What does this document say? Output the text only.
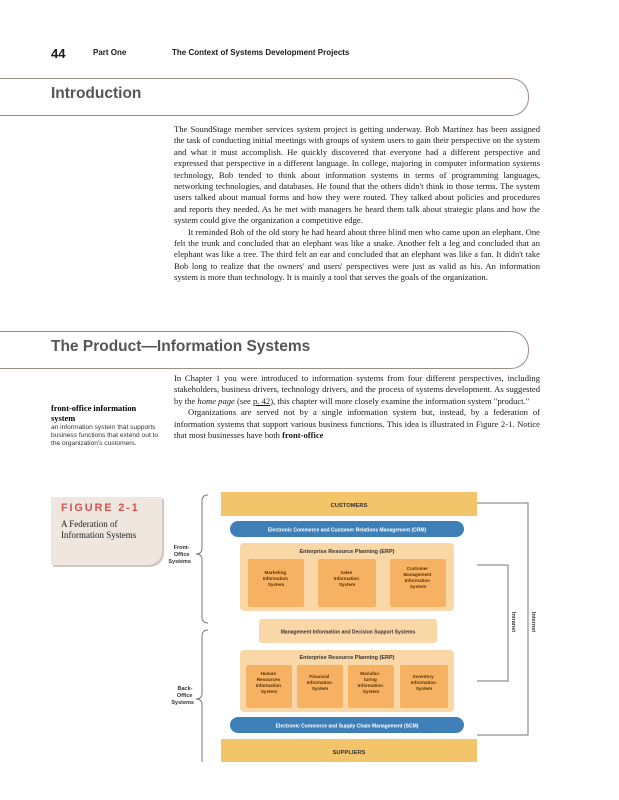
44	Part One	The Context of Systems Development Projects
Introduction

The SoundStage member services system project is getting underway. Bob Martinez has been assigned the task of conducting initial meetings with groups of system users to gain their perspective on the system and what it must accomplish. He quickly discovered that everyone had a different perspective and expressed that perspective in a different language. In college, majoring in computer information systems technology, Bob tended to think about information systems in terms of programming languages, networking technologies, and databases. He found that the others didn't think in those terms. The system users talked about manual forms and how they were routed. They talked about policies and procedures and reports they needed. As he met with managers he heard them talk about strategic plans and how the system could give the organization a competitive edge.

It reminded Bob of the old story he had heard about three blind men who came upon an elephant. One felt the trunk and concluded that an elephant was like a snake. Another felt a leg and concluded that an elephant was like a tree. The third felt an ear and concluded that an elephant was like a fan. It didn't take Bob long to realize that the owners' and users' perspectives were just as valid as his. An information system is more than technology. It is mainly a tool that serves the goals of the organization.

The Product—Information Systems

In Chapter 1 you were introduced to information systems from four different perspectives, including stakeholders, business drivers, technology drivers, and the process of systems development. As suggested by the home page (see p. 42), this chapter will more closely examine the information system "product."

Organizations are served not by a single information system but, instead, by a federation of information systems that support various business functions. This idea is illustrated in Figure 2-1. Notice that most businesses have both front-office

front-office information system
an information system that supports business functions that extend out to the organization's customers.
FIGURE 2-1
A Federation of Information Systems
Front- Office Systems
Back- Office Systems
Internet
Intranet
CUSTOMERS
Electronic Commerce and Customer Relations Management (CRM)
Enterprise Resource Planning (ERP)
Marketing Information System
Sales Information System
Customer Management Information System
Management Information and Decision Support Systems
Enterprise Resource Planning (ERP)
Human Resources Information System
Financial Information System
Manufac- turing Information System
Inventory Information System
Electronic Commerce and Supply Chain Management (SCM)
SUPPLIERS
